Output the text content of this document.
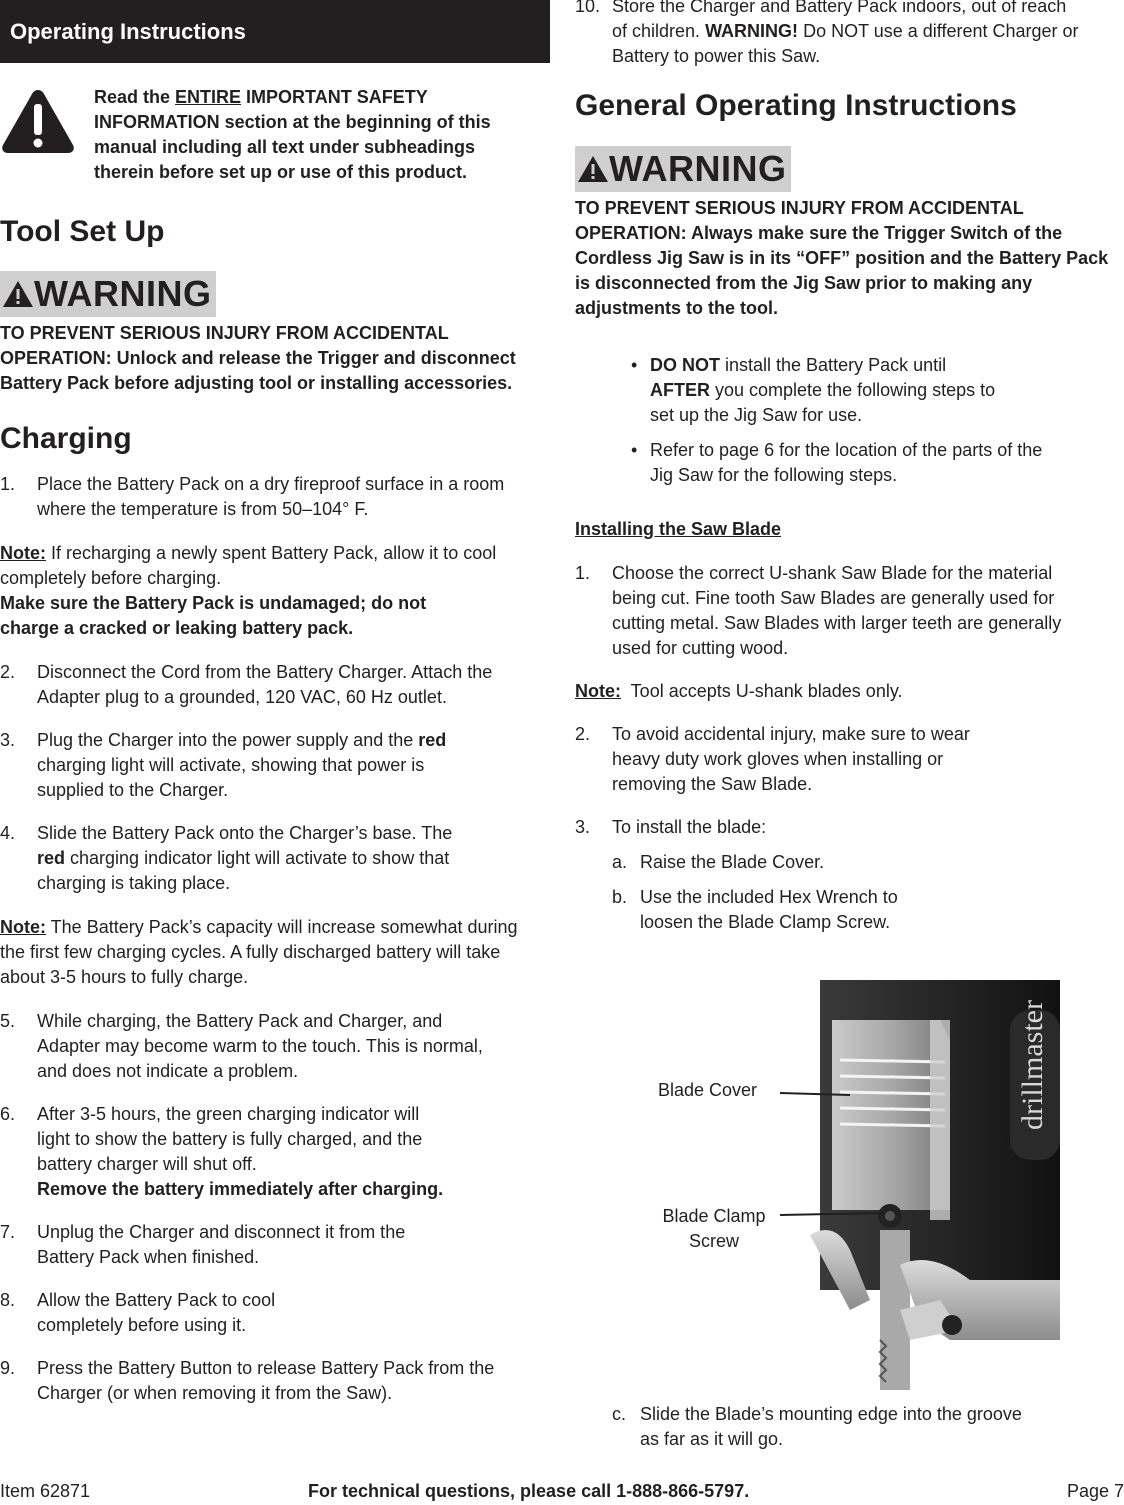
Operating Instructions
Read the ENTIRE IMPORTANT SAFETY INFORMATION section at the beginning of this manual including all text under subheadings therein before set up or use of this product.
Tool Set Up
WARNING

TO PREVENT SERIOUS INJURY FROM ACCIDENTAL OPERATION: Unlock and release the Trigger and disconnect Battery Pack before adjusting tool or installing accessories.

Charging
1. Place the Battery Pack on a dry fireproof surface in a room where the temperature is from 50–104° F.

Note: If recharging a newly spent Battery Pack, allow it to cool completely before charging.
Make sure the Battery Pack is undamaged; do not charge a cracked or leaking battery pack.

2. Disconnect the Cord from the Battery Charger. Attach the Adapter plug to a grounded, 120 VAC, 60 Hz outlet.
3. Plug the Charger into the power supply and the red charging light will activate, showing that power is supplied to the Charger.
4. Slide the Battery Pack onto the Charger’s base. The red charging indicator light will activate to show that charging is taking place.

Note: The Battery Pack’s capacity will increase somewhat during the first few charging cycles. A fully discharged battery will take about 3-5 hours to fully charge.

5. While charging, the Battery Pack and Charger, and Adapter may become warm to the touch. This is normal, and does not indicate a problem.
6. After 3-5 hours, the green charging indicator will light to show the battery is fully charged, and the battery charger will shut off.
Remove the battery immediately after charging.
7. Unplug the Charger and disconnect it from the Battery Pack when finished.
8. Allow the Battery Pack to cool completely before using it.
9. Press the Battery Button to release Battery Pack from the Charger (or when removing it from the Saw).
10. Store the Charger and Battery Pack indoors, out of reach of children. WARNING! Do NOT use a different Charger or Battery to power this Saw.
General Operating Instructions
WARNING

TO PREVENT SERIOUS INJURY FROM ACCIDENTAL OPERATION: Always make sure the Trigger Switch of the Cordless Jig Saw is in its “OFF” position and the Battery Pack is disconnected from the Jig Saw prior to making any adjustments to the tool.

• DO NOT install the Battery Pack until AFTER you complete the following steps to set up the Jig Saw for use.
• Refer to page 6 for the location of the parts of the Jig Saw for the following steps.

Installing the Saw Blade

1. Choose the correct U-shank Saw Blade for the material being cut. Fine tooth Saw Blades are generally used for cutting metal. Saw Blades with larger teeth are generally used for cutting wood.

Note:  Tool accepts U-shank blades only.

2. To avoid accidental injury, make sure to wear heavy duty work gloves when installing or removing the Saw Blade.
3. To install the blade:
a. Raise the Blade Cover.
b. Use the included Hex Wrench to loosen the Blade Clamp Screw.
drillmaster
Blade Cover
Blade Clamp
Screw
c. Slide the Blade’s mounting edge into the groove as far as it will go.
Item 62871	For technical questions, please call 1-888-866-5797.	Page 7
